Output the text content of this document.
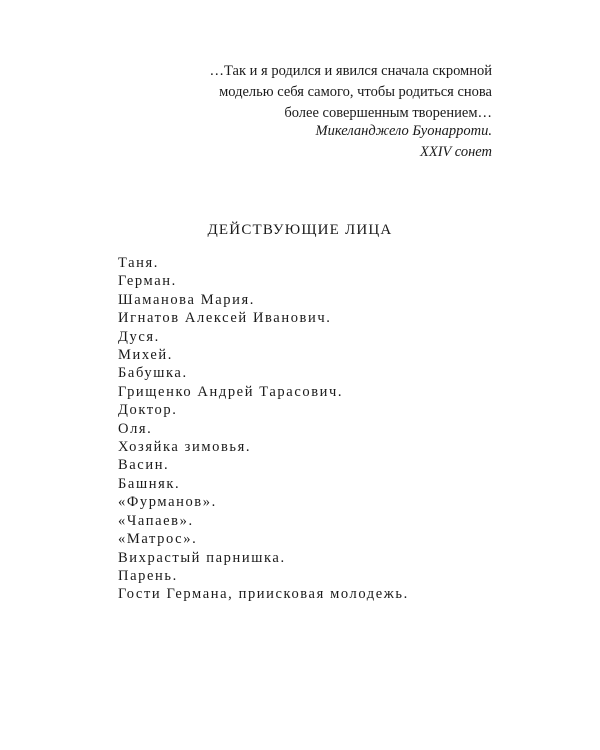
…Так и я родился и явился сначала скромной
моделью себя самого, чтобы родиться снова
более совершенным творением…
Микеланджело Буонарроти.
XXIV сонет
ДЕЙСТВУЮЩИЕ ЛИЦА
Таня.
Герман.
Шаманова Мария.
Игнатов Алексей Иванович.
Дуся.
Михей.
Бабушка.
Грищенко Андрей Тарасович.
Доктор.
Оля.
Хозяйка зимовья.
Васин.
Башняк.
«Фурманов».
«Чапаев».
«Матрос».
Вихрастый парнишка.
Парень.
Гости Германа, приисковая молодежь.
